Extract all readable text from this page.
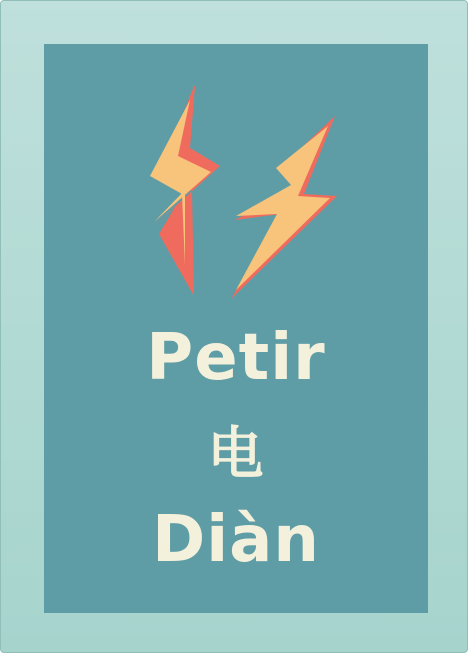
Petir
电
Diàn
